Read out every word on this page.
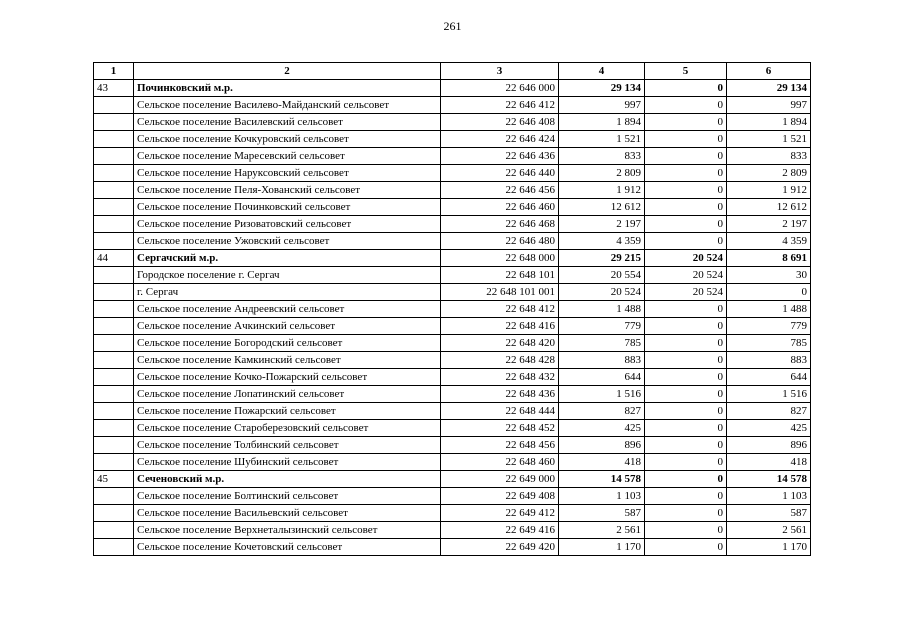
261
1	2	3	4	5	6
43	Починковский м.р.	22 646 000	29 134	0	29 134
	Сельское поселение Василево-Майданский сельсовет	22 646 412	997	0	997
	Сельское поселение Василевский сельсовет	22 646 408	1 894	0	1 894
	Сельское поселение Кочкуровский сельсовет	22 646 424	1 521	0	1 521
	Сельское поселение Маресевский сельсовет	22 646 436	833	0	833
	Сельское поселение Наруксовский сельсовет	22 646 440	2 809	0	2 809
	Сельское поселение Пеля-Хованский сельсовет	22 646 456	1 912	0	1 912
	Сельское поселение Починковский сельсовет	22 646 460	12 612	0	12 612
	Сельское поселение Ризоватовский сельсовет	22 646 468	2 197	0	2 197
	Сельское поселение Ужовский сельсовет	22 646 480	4 359	0	4 359
44	Сергачский м.р.	22 648 000	29 215	20 524	8 691
	Городское поселение г. Сергач	22 648 101	20 554	20 524	30
	г. Сергач	22 648 101 001	20 524	20 524	0
	Сельское поселение Андреевский сельсовет	22 648 412	1 488	0	1 488
	Сельское поселение Ачкинский сельсовет	22 648 416	779	0	779
	Сельское поселение Богородский сельсовет	22 648 420	785	0	785
	Сельское поселение Камкинский сельсовет	22 648 428	883	0	883
	Сельское поселение Кочко-Пожарский сельсовет	22 648 432	644	0	644
	Сельское поселение Лопатинский сельсовет	22 648 436	1 516	0	1 516
	Сельское поселение Пожарский сельсовет	22 648 444	827	0	827
	Сельское поселение Староберезовский сельсовет	22 648 452	425	0	425
	Сельское поселение Толбинский сельсовет	22 648 456	896	0	896
	Сельское поселение Шубинский сельсовет	22 648 460	418	0	418
45	Сеченовский м.р.	22 649 000	14 578	0	14 578
	Сельское поселение Болтинский сельсовет	22 649 408	1 103	0	1 103
	Сельское поселение Васильевский сельсовет	22 649 412	587	0	587
	Сельское поселение Верхнеталызинский сельсовет	22 649 416	2 561	0	2 561
	Сельское поселение Кочетовский сельсовет	22 649 420	1 170	0	1 170
